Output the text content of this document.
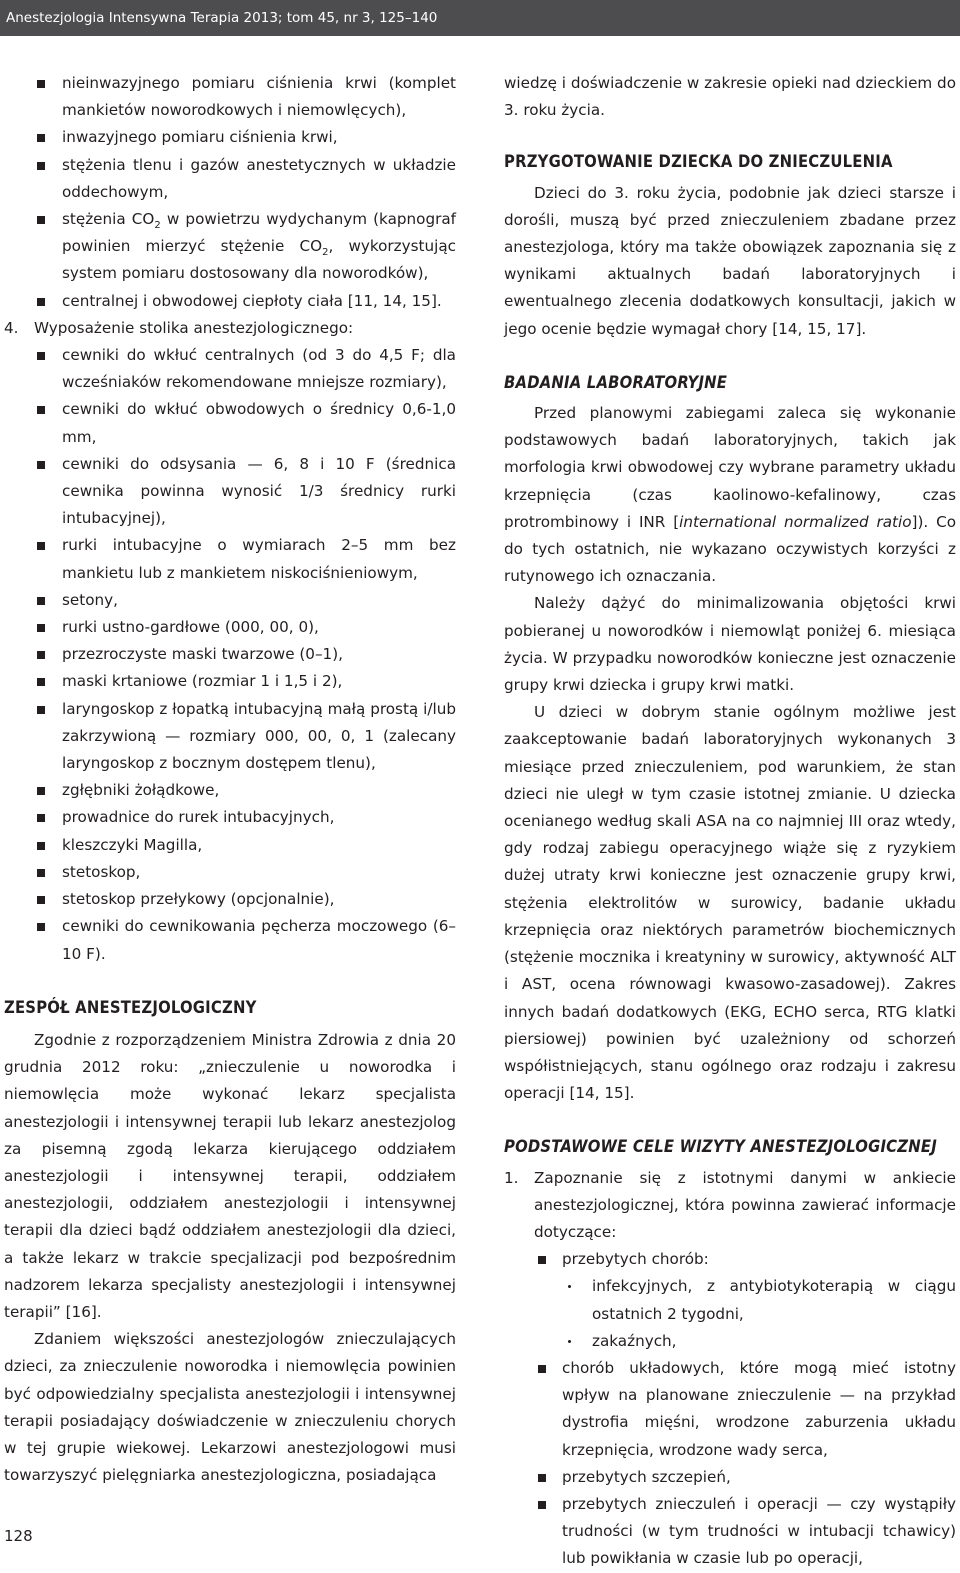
Anestezjologia Intensywna Terapia 2013; tom 45, nr 3, 125–140
nieinwazyjnego pomiaru ciśnienia krwi (komplet mankietów noworodkowych i niemowlęcych),
inwazyjnego pomiaru ciśnienia krwi,
stężenia tlenu i gazów anestetycznych w układzie oddechowym,
stężenia $CO_2$ w powietrzu wydychanym (kapnograf powinien mierzyć stężenie $CO_2$, wykorzystując system pomiaru dostosowany dla noworodków),
centralnej i obwodowej ciepłoty ciała [11, 14, 15].
4. Wyposażenie stolika anestezjologicznego:
cewniki do wkłuć centralnych (od 3 do 4,5 F; dla wcześniaków rekomendowane mniejsze rozmiary),
cewniki do wkłuć obwodowych o średnicy 0,6‑1,0 mm,
cewniki do odsysania — 6, 8 i 10 F (średnica cewnika powinna wynosić 1/3 średnicy rurki intubacyjnej),
rurki intubacyjne o wymiarach 2–5 mm bez mankietu lub z mankietem niskociśnieniowym,
setony,
rurki ustno-gardłowe (000, 00, 0),
przezroczyste maski twarzowe (0–1),
maski krtaniowe (rozmiar 1 i 1,5 i 2),
laryngoskop z łopatką intubacyjną małą prostą i/lub zakrzywioną — rozmiary 000, 00, 0, 1 (zalecany laryngoskop z bocznym dostępem tlenu),
zgłębniki żołądkowe,
prowadnice do rurek intubacyjnych,
kleszczyki Magilla,
stetoskop,
stetoskop przełykowy (opcjonalnie),
cewniki do cewnikowania pęcherza moczowego (6–10 F).
ZESPÓŁ ANESTEZJOLOGICZNY
Zgodnie z rozporządzeniem Ministra Zdrowia z dnia 20 grudnia 2012 roku: „znieczulenie u noworodka i niemowlęcia może wykonać lekarz specjalista anestezjologii i intensywnej terapii lub lekarz anestezjolog za pisemną zgodą lekarza kierującego oddziałem anestezjologii i intensywnej terapii, oddziałem anestezjologii, oddziałem anestezjologii i intensywnej terapii dla dzieci bądź oddziałem anestezjologii dla dzieci, a także lekarz w trakcie specjalizacji pod bezpośrednim nadzorem lekarza specjalisty anestezjologii i intensywnej terapii” [16].
Zdaniem większości anestezjologów znieczulających dzieci, za znieczulenie noworodka i niemowlęcia powinien być odpowiedzialny specjalista anestezjologii i intensywnej terapii posiadający doświadczenie w znieczuleniu chorych w tej grupie wiekowej. Lekarzowi anestezjologowi musi towarzyszyć pielęgniarka anestezjologiczna, posiadająca
wiedzę i doświadczenie w zakresie opieki nad dzieckiem do 3. roku życia.
PRZYGOTOWANIE DZIECKA DO ZNIECZULENIA
Dzieci do 3. roku życia, podobnie jak dzieci starsze i dorośli, muszą być przed znieczuleniem zbadane przez anestezjologa, który ma także obowiązek zapoznania się z wynikami aktualnych badań laboratoryjnych i ewentualnego zlecenia dodatkowych konsultacji, jakich w jego ocenie będzie wymagał chory [14, 15, 17].
BADANIA LABORATORYJNE
Przed planowymi zabiegami zaleca się wykonanie podstawowych badań laboratoryjnych, takich jak morfologia krwi obwodowej czy wybrane parametry układu krzepnięcia (czas kaolinowo-kefalinowy, czas protrombinowy i INR [international normalized ratio]). Co do tych ostatnich, nie wykazano oczywistych korzyści z rutynowego ich oznaczania.
Należy dążyć do minimalizowania objętości krwi pobieranej u noworodków i niemowląt poniżej 6. miesiąca życia. W przypadku noworodków konieczne jest oznaczenie grupy krwi dziecka i grupy krwi matki.
U dzieci w dobrym stanie ogólnym możliwe jest zaakceptowanie badań laboratoryjnych wykonanych 3 miesiące przed znieczuleniem, pod warunkiem, że stan dzieci nie uległ w tym czasie istotnej zmianie. U dziecka ocenianego według skali ASA na co najmniej III oraz wtedy, gdy rodzaj zabiegu operacyjnego wiąże się z ryzykiem dużej utraty krwi konieczne jest oznaczenie grupy krwi, stężenia elektrolitów w surowicy, badanie układu krzepnięcia oraz niektórych parametrów biochemicznych (stężenie mocznika i kreatyniny w surowicy, aktywność ALT i AST, ocena równowagi kwasowo-zasadowej). Zakres innych badań dodatkowych (EKG, ECHO serca, RTG klatki piersiowej) powinien być uzależniony od schorzeń współistniejących, stanu ogólnego oraz rodzaju i zakresu operacji [14, 15].
PODSTAWOWE CELE WIZYTY ANESTEZJOLOGICZNEJ
1. Zapoznanie się z istotnymi danymi w ankiecie anestezjologicznej, która powinna zawierać informacje dotyczące:
przebytych chorób:
infekcyjnych, z antybiotykoterapią w ciągu ostatnich 2 tygodni,
zakaźnych,
chorób układowych, które mogą mieć istotny wpływ na planowane znieczulenie — na przykład dystrofia mięśni, wrodzone zaburzenia układu krzepnięcia, wrodzone wady serca,
przebytych szczepień,
przebytych znieczuleń i operacji — czy wystąpiły trudności (w tym trudności w intubacji tchawicy) lub powikłania w czasie lub po operacji,
128
